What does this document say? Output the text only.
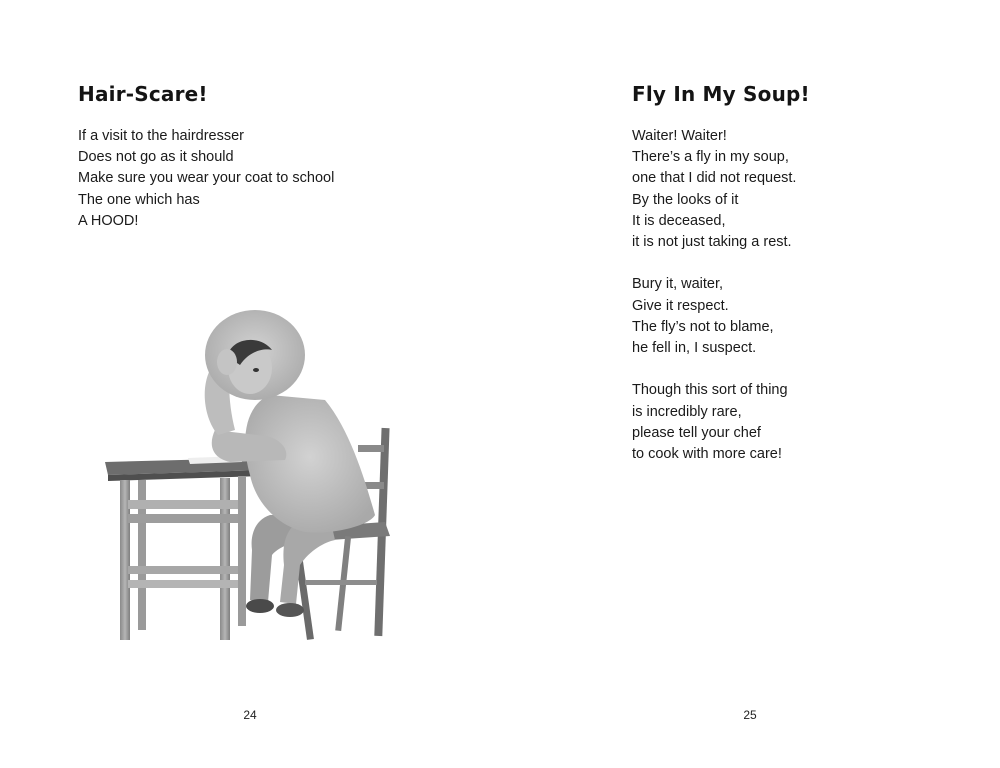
Hair-Scare!
If a visit to the hairdresser
Does not go as it should
Make sure you wear your coat to school
The one which has
A HOOD!
24
Fly In My Soup!
Waiter! Waiter!
There’s a fly in my soup,
one that I did not request.
By the looks of it
It is deceased,
it is not just taking a rest.
Bury it, waiter,
Give it respect.
The fly’s not to blame,
he fell in, I suspect.
Though this sort of thing
is incredibly rare,
please tell your chef
to cook with more care!
25
